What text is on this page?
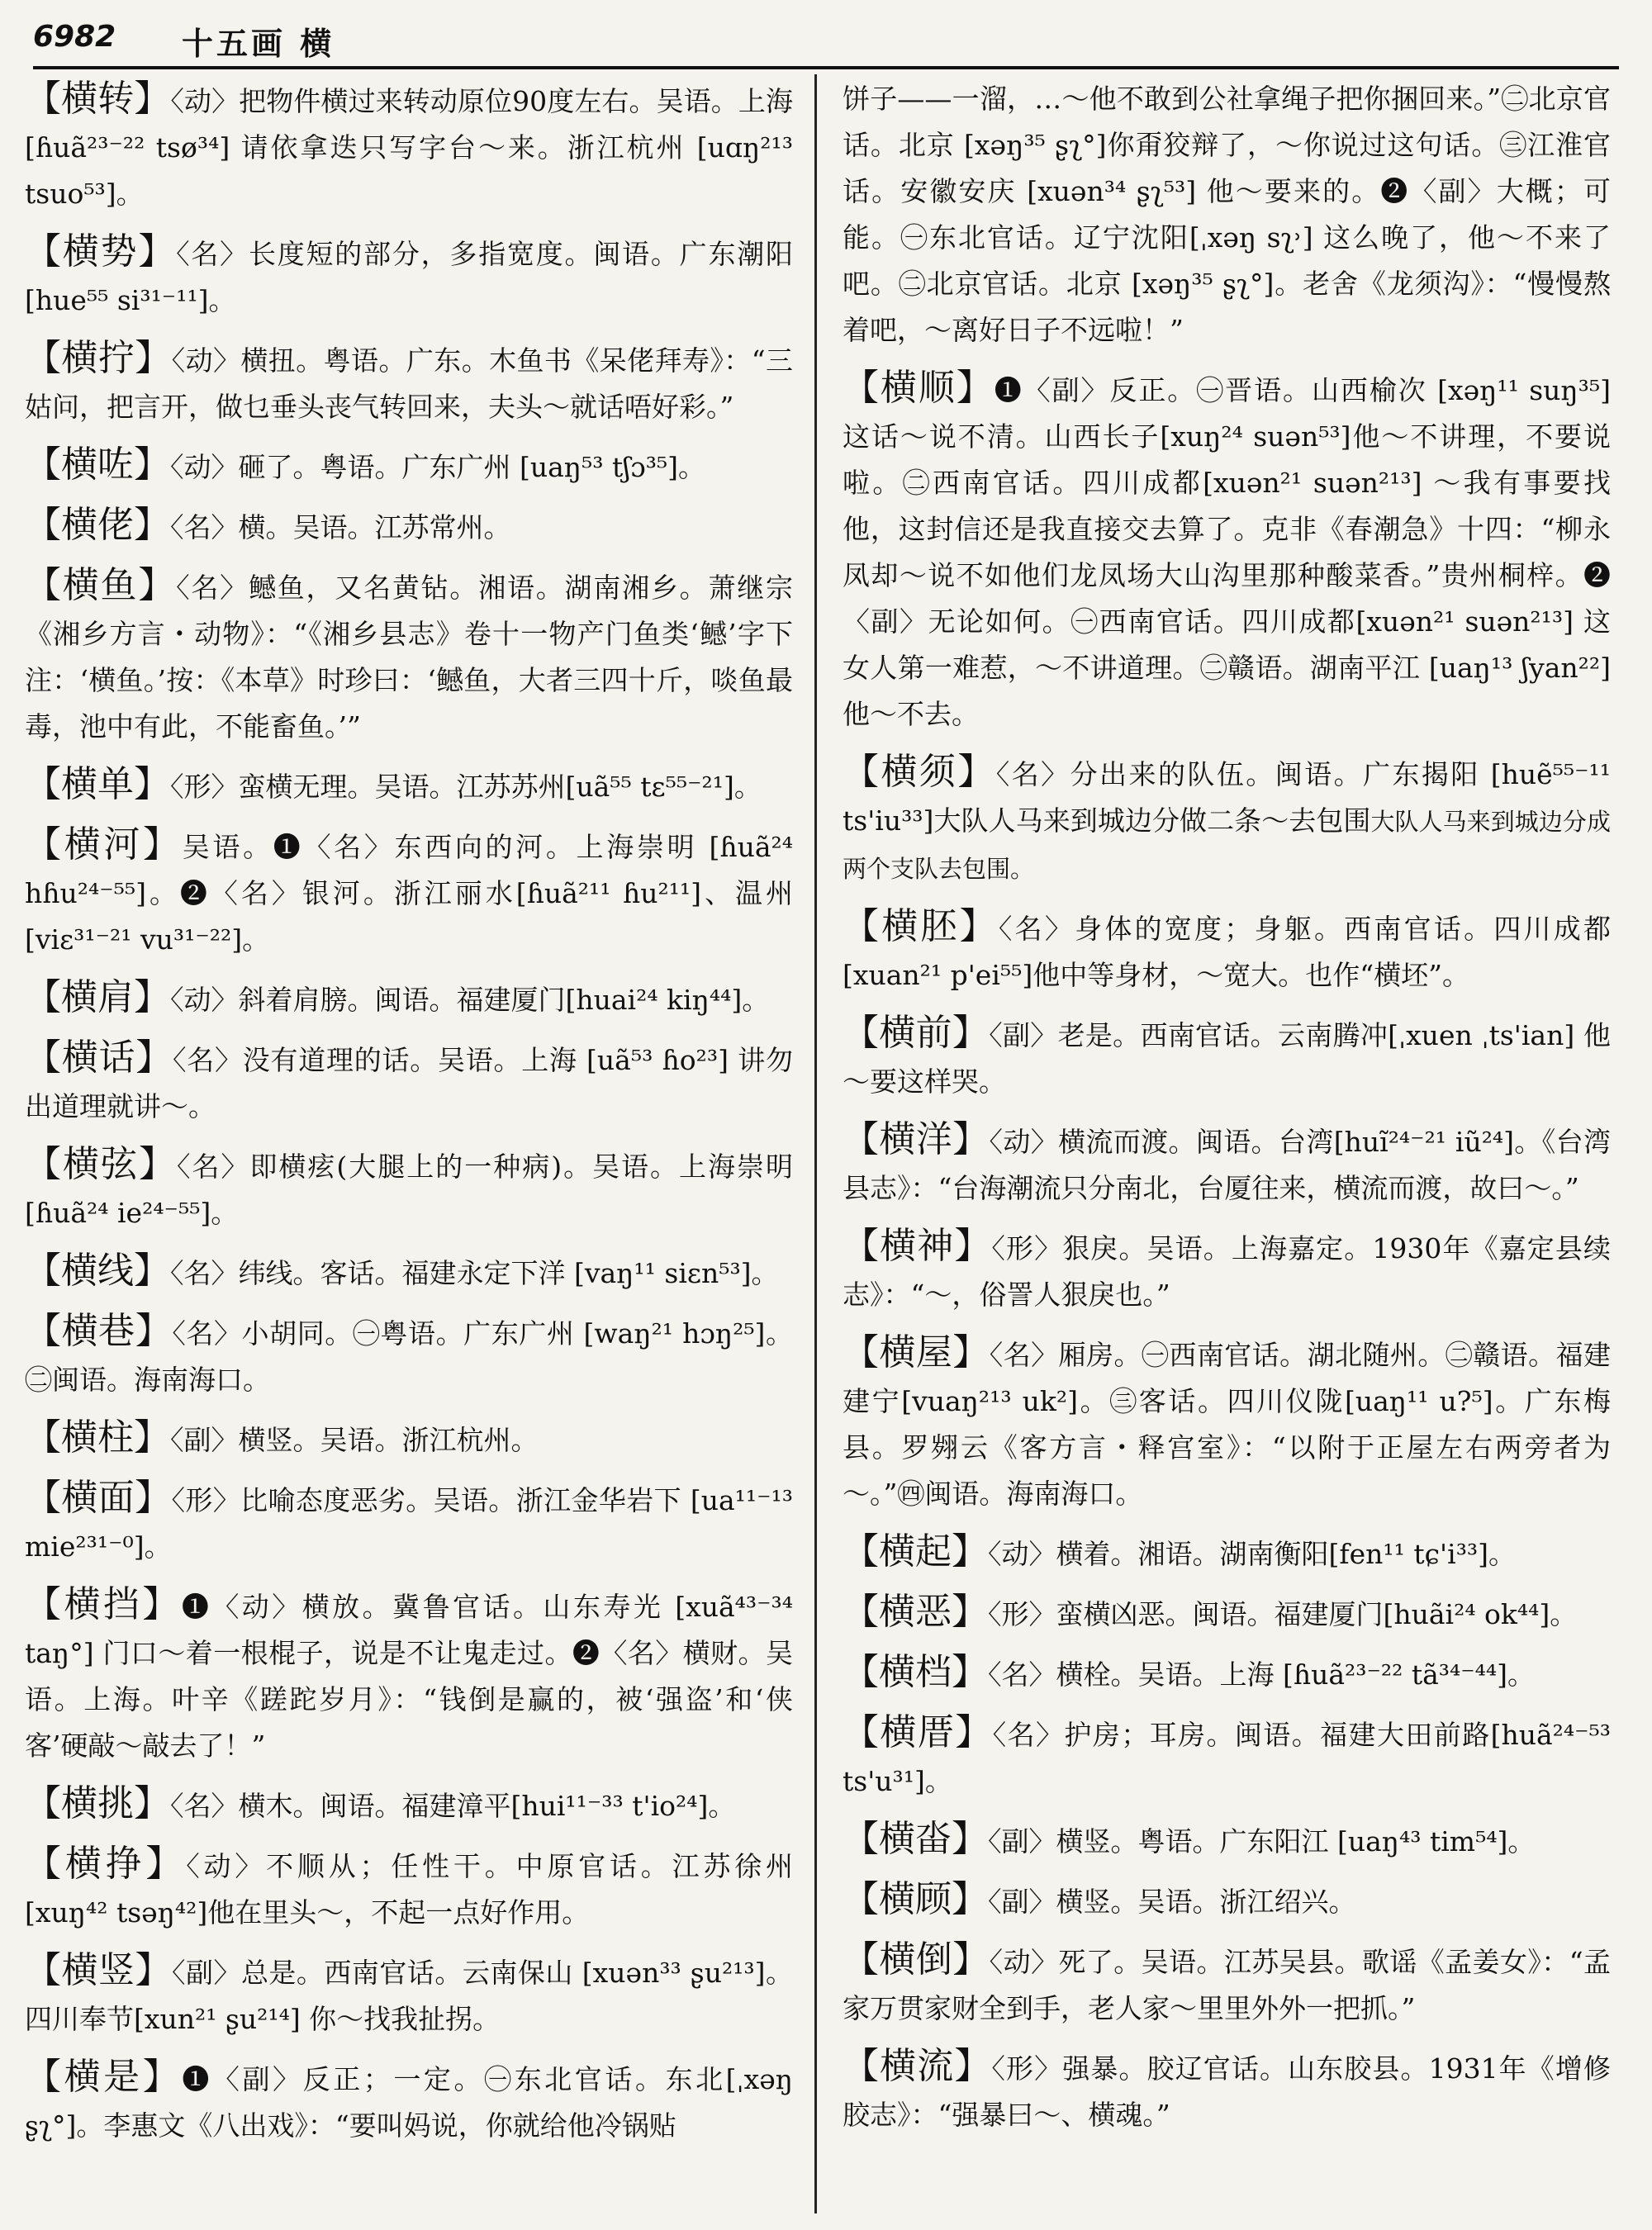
6982 十五画 横

【横转】〈动〉把物件横过来转动原位90度左右。吴语。上海 [ɦuã²³⁻²² tsø³⁴] 请依拿迭只写字台～来。浙江杭州 [uɑŋ²¹³ tsuo⁵³]。

【横势】〈名〉长度短的部分，多指宽度。闽语。广东潮阳 [hue⁵⁵ si³¹⁻¹¹]。

【横拧】〈动〉横扭。粤语。广东。木鱼书《呆佬拜寿》：“三姑问，把言开，做乜垂头丧气转回来，夫头～就话唔好彩。”

【横咗】〈动〉砸了。粤语。广东广州 [uaŋ⁵³ tʃɔ³⁵]。

【横佬】〈名〉横。吴语。江苏常州。

【横鱼】〈名〉鳡鱼，又名黄钻。湘语。湖南湘乡。萧继宗《湘乡方言・动物》：“《湘乡县志》卷十一物产门鱼类‘鳡’字下注：‘横鱼。’按：《本草》时珍曰：‘鳡鱼，大者三四十斤，啖鱼最毒，池中有此，不能畜鱼。’”

【横单】〈形〉蛮横无理。吴语。江苏苏州[uã⁵⁵ tɛ⁵⁵⁻²¹]。

【横河】吴语。❶〈名〉东西向的河。上海崇明 [ɦuã²⁴ hɦu²⁴⁻⁵⁵]。❷〈名〉银河。浙江丽水[ɦuã²¹¹ ɦu²¹¹]、温州 [viɛ³¹⁻²¹ vu³¹⁻²²]。

【横肩】〈动〉斜着肩膀。闽语。福建厦门[huai²⁴ kiŋ⁴⁴]。

【横话】〈名〉没有道理的话。吴语。上海 [uã⁵³ ɦo²³] 讲勿出道理就讲～。

【横弦】〈名〉即横痃(大腿上的一种病)。吴语。上海崇明[ɦuã²⁴ ie²⁴⁻⁵⁵]。

【横线】〈名〉纬线。客话。福建永定下洋 [vaŋ¹¹ siɛn⁵³]。

【横巷】〈名〉小胡同。㊀粤语。广东广州 [waŋ²¹ hɔŋ²⁵]。㊁闽语。海南海口。

【横柱】〈副〉横竖。吴语。浙江杭州。

【横面】〈形〉比喻态度恶劣。吴语。浙江金华岩下 [ua¹¹⁻¹³ mie²³¹⁻⁰]。

【横挡】❶〈动〉横放。冀鲁官话。山东寿光 [xuã⁴³⁻³⁴ taŋ°] 门口～着一根棍子，说是不让鬼走过。❷〈名〉横财。吴语。上海。叶辛《蹉跎岁月》：“钱倒是赢的，被‘强盗’和‘侠客’硬敲～敲去了！”

【横挑】〈名〉横木。闽语。福建漳平[hui¹¹⁻³³ t'io²⁴]。

【横挣】〈动〉不顺从；任性干。中原官话。江苏徐州 [xuŋ⁴² tsəŋ⁴²]他在里头～，不起一点好作用。

【横竖】〈副〉总是。西南官话。云南保山 [xuən³³ ʂu²¹³]。四川奉节[xun²¹ ʂu²¹⁴] 你～找我扯拐。

【横是】❶〈副〉反正；一定。㊀东北官话。东北[ˌxəŋ ʂʅ°]。李惠文《八出戏》：“要叫妈说，你就给他冷锅贴

饼子——一溜，…～他不敢到公社拿绳子把你捆回来。”㊁北京官话。北京 [xəŋ³⁵ ʂʅ°]你甭狡辩了，～你说过这句话。㊂江淮官话。安徽安庆 [xuən³⁴ ʂʅ⁵³] 他～要来的。❷〈副〉大概；可能。㊀东北官话。辽宁沈阳[ˌxəŋ sʅ˒] 这么晚了，他～不来了吧。㊁北京官话。北京 [xəŋ³⁵ ʂʅ°]。老舍《龙须沟》：“慢慢熬着吧，～离好日子不远啦！”

【横顺】❶〈副〉反正。㊀晋语。山西榆次 [xəŋ¹¹ suŋ³⁵] 这话～说不清。山西长子[xuŋ²⁴ suən⁵³]他～不讲理，不要说啦。㊁西南官话。四川成都[xuən²¹ suən²¹³] ～我有事要找他，这封信还是我直接交去算了。克非《春潮急》十四：“柳永凤却～说不如他们龙凤场大山沟里那种酸菜香。”贵州桐梓。❷〈副〉无论如何。㊀西南官话。四川成都[xuən²¹ suən²¹³] 这女人第一难惹，～不讲道理。㊁赣语。湖南平江 [uaŋ¹³ ʃyan²²]他～不去。

【横须】〈名〉分出来的队伍。闽语。广东揭阳 [huẽ⁵⁵⁻¹¹ ts'iu³³]大队人马来到城边分做二条～去包围大队人马来到城边分成两个支队去包围。

【横胚】〈名〉身体的宽度；身躯。西南官话。四川成都 [xuan²¹ p'ei⁵⁵]他中等身材，～宽大。也作“横坯”。

【横前】〈副〉老是。西南官话。云南腾冲[ˌxuen ˌts'ian] 他～要这样哭。

【横洋】〈动〉横流而渡。闽语。台湾[huĩ²⁴⁻²¹ iũ²⁴]。《台湾县志》：“台海潮流只分南北，台厦往来，横流而渡，故曰～。”

【横神】〈形〉狠戾。吴语。上海嘉定。1930年《嘉定县续志》：“～，俗詈人狠戾也。”

【横屋】〈名〉厢房。㊀西南官话。湖北随州。㊁赣语。福建建宁[vuaŋ²¹³ uk²]。㊂客话。四川仪陇[uaŋ¹¹ u?⁵]。广东梅县。罗翙云《客方言・释宫室》：“以附于正屋左右两旁者为～。”㊃闽语。海南海口。

【横起】〈动〉横着。湘语。湖南衡阳[fen¹¹ tɕ'i³³]。

【横恶】〈形〉蛮横凶恶。闽语。福建厦门[huãi²⁴ ok⁴⁴]。

【横档】〈名〉横栓。吴语。上海 [ɦuã²³⁻²² tã³⁴⁻⁴⁴]。

【横厝】〈名〉护房；耳房。闽语。福建大田前路[huã²⁴⁻⁵³ ts'u³¹]。

【横畓】〈副〉横竖。粤语。广东阳江 [uaŋ⁴³ tim⁵⁴]。

【横顾】〈副〉横竖。吴语。浙江绍兴。

【横倒】〈动〉死了。吴语。江苏吴县。歌谣《孟姜女》：“孟家万贯家财全到手，老人家～里里外外一把抓。”

【横流】〈形〉强暴。胶辽官话。山东胶县。1931年《增修胶志》：“强暴曰～、横魂。”
